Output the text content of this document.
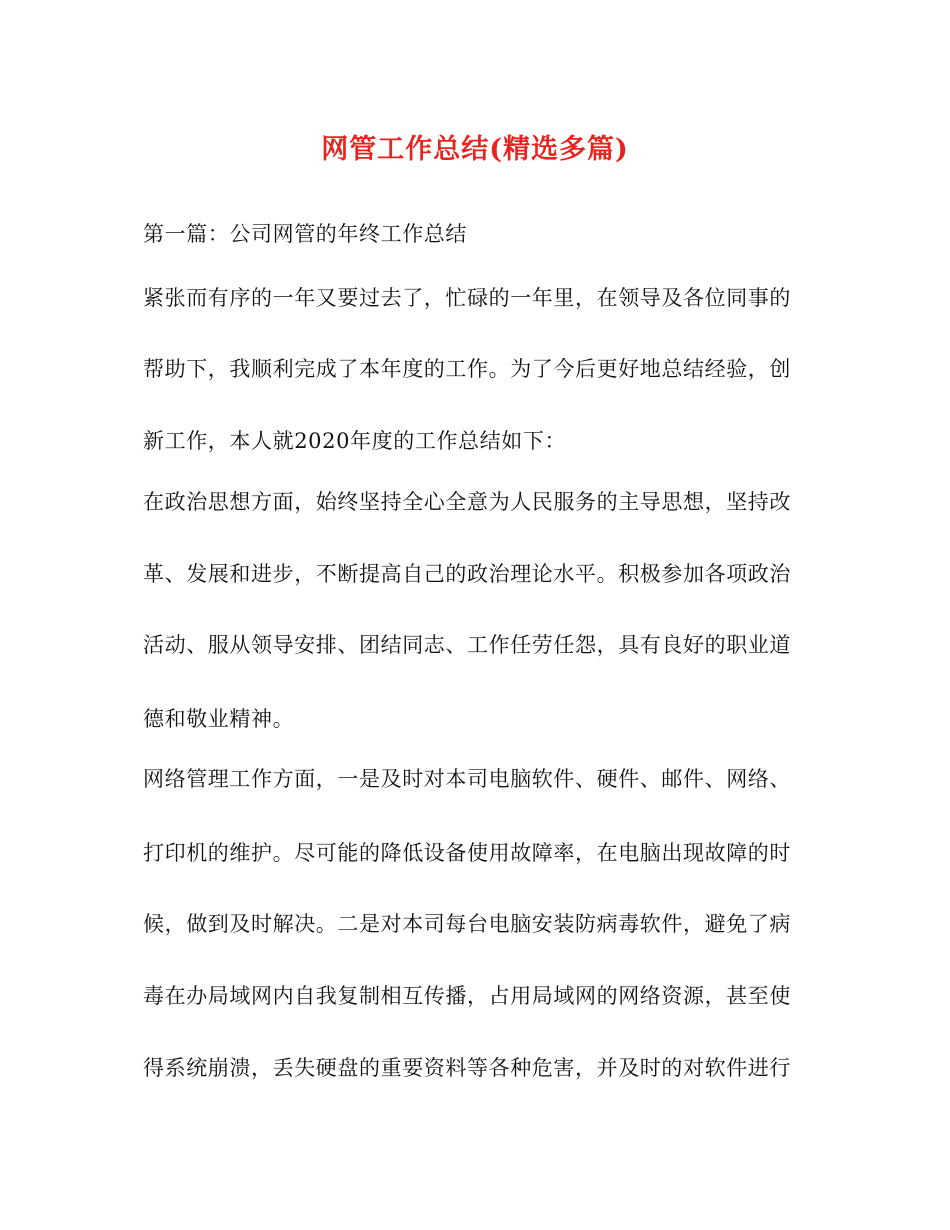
网管工作总结(精选多篇)
第一篇：公司网管的年终工作总结
紧张而有序的一年又要过去了，忙碌的一年里，在领导及各位同事的
帮助下，我顺利完成了本年度的工作。为了今后更好地总结经验，创
新工作，本人就2020年度的工作总结如下：
在政治思想方面，始终坚持全心全意为人民服务的主导思想，坚持改
革、发展和进步，不断提高自己的政治理论水平。积极参加各项政治
活动、服从领导安排、团结同志、工作任劳任怨，具有良好的职业道
德和敬业精神。
网络管理工作方面，一是及时对本司电脑软件、硬件、邮件、网络、
打印机的维护。尽可能的降低设备使用故障率，在电脑出现故障的时
候，做到及时解决。二是对本司每台电脑安装防病毒软件，避免了病
毒在办局域网内自我复制相互传播，占用局域网的网络资源，甚至使
得系统崩溃，丢失硬盘的重要资料等各种危害，并及时的对软件进行
